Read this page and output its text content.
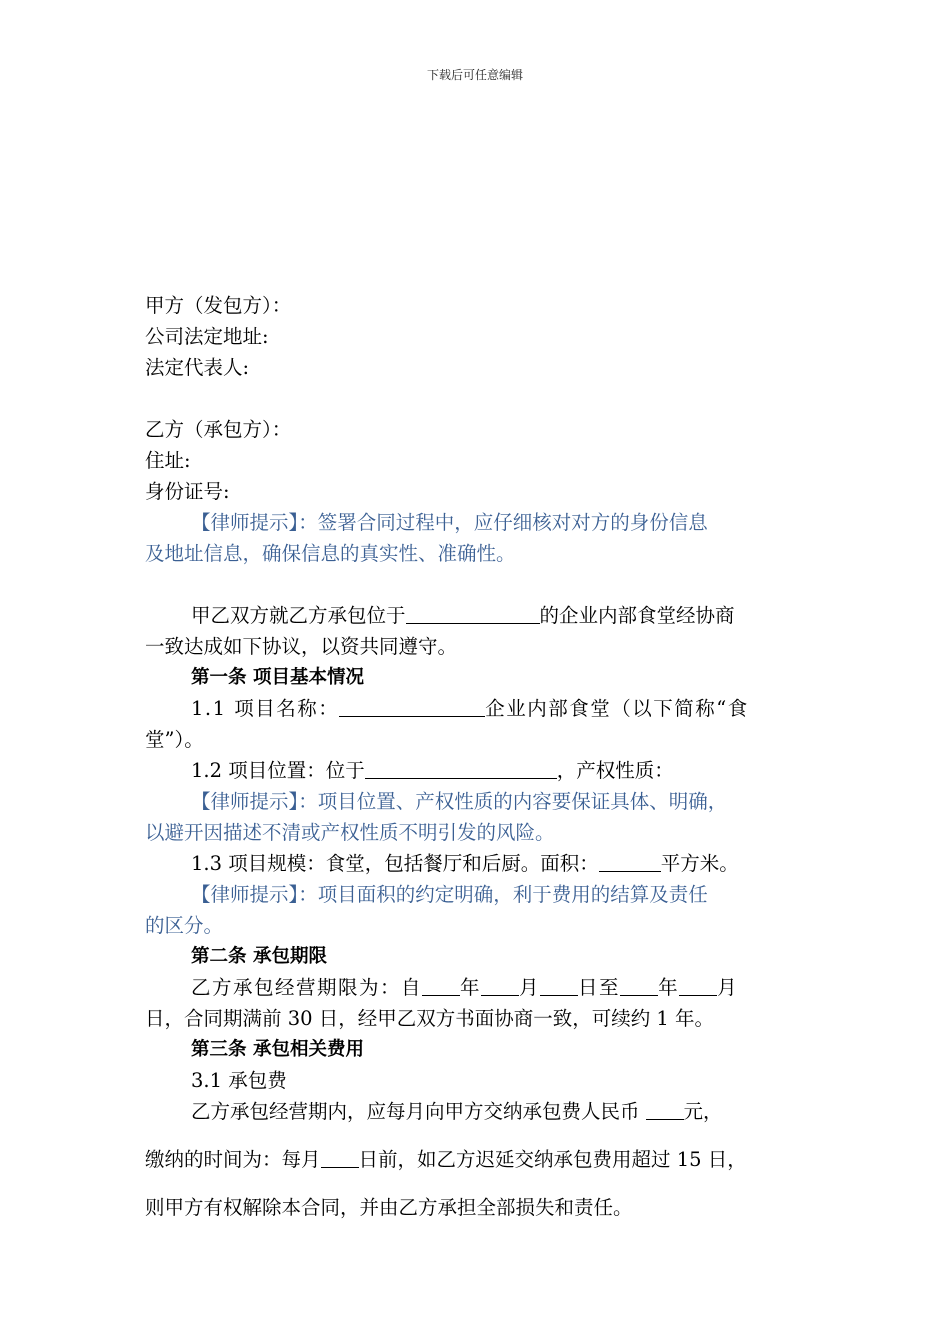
下载后可任意编辑
甲方（发包方）：
公司法定地址:
法定代表人:
乙方（承包方）：
住址:
身份证号:
【律师提示】：签署合同过程中，应仔细核对对方的身份信息
及地址信息，确保信息的真实性、准确性。
甲乙双方就乙方承包位于	的企业内部食堂经协商
一致达成如下协议，以资共同遵守。
第一条 项目基本情况
1.1 项目名称：	企业内部食堂（以下简称“食
堂”）。
1.2 项目位置：位于	，产权性质：
【律师提示】：项目位置、产权性质的内容要保证具体、明确，
以避开因描述不清或产权性质不明引发的风险。
1.3 项目规模：食堂，包括餐厅和后厨。面积：	平方米。
【律师提示】：项目面积的约定明确，利于费用的结算及责任
的区分。
第二条 承包期限
乙方承包经营期限为：自 年 月 日至 年 月
日，合同期满前 30 日，经甲乙双方书面协商一致，可续约 1 年。
第三条 承包相关费用
3.1 承包费
乙方承包经营期内，应每月向甲方交纳承包费人民币 元，
缴纳的时间为：每月 日前，如乙方迟延交纳承包费用超过 15 日，
则甲方有权解除本合同，并由乙方承担全部损失和责任。
